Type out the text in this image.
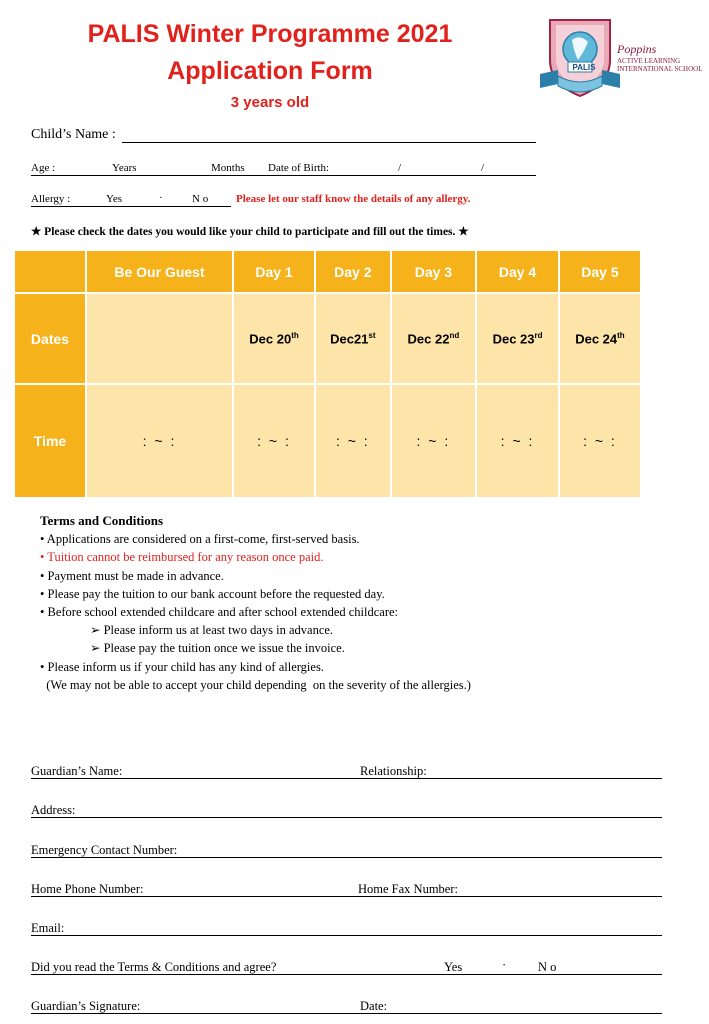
PALIS Winter Programme 2021
Application Form
3 years old
PALIS
Poppins
ACTIVE LEARNING
INTERNATIONAL SCHOOL
Child’s Name :
Age :	Years	Months Date of Birth:	/	/
Allergy :	Yes	·	N o	Please let our staff know the details of any allergy.
★ Please check the dates you would like your child to participate and fill out the times. ★
	Be Our Guest	Day 1	Day 2	Day 3	Day 4	Day 5
Dates		Dec 20th	Dec21st	Dec 22nd	Dec 23rd	Dec 24th
Time	: ~ :	: ~ :	: ~ :	: ~ :	: ~ :	: ~ :
Terms and Conditions
• Applications are considered on a first-come, first-served basis.
• Tuition cannot be reimbursed for any reason once paid.
• Payment must be made in advance.
• Please pay the tuition to our bank account before the requested day.
• Before school extended childcare and after school extended childcare:
➢ Please inform us at least two days in advance.
➢ Please pay the tuition once we issue the invoice.
• Please inform us if your child has any kind of allergies.
(We may not be able to accept your child depending  on the severity of the allergies.)
Guardian’s Name:	Relationship:
Address:
Emergency Contact Number:
Home Phone Number:	Home Fax Number:
Email:
Did you read the Terms & Conditions and agree?	Yes	·	N o
Guardian’s Signature:	Date:
